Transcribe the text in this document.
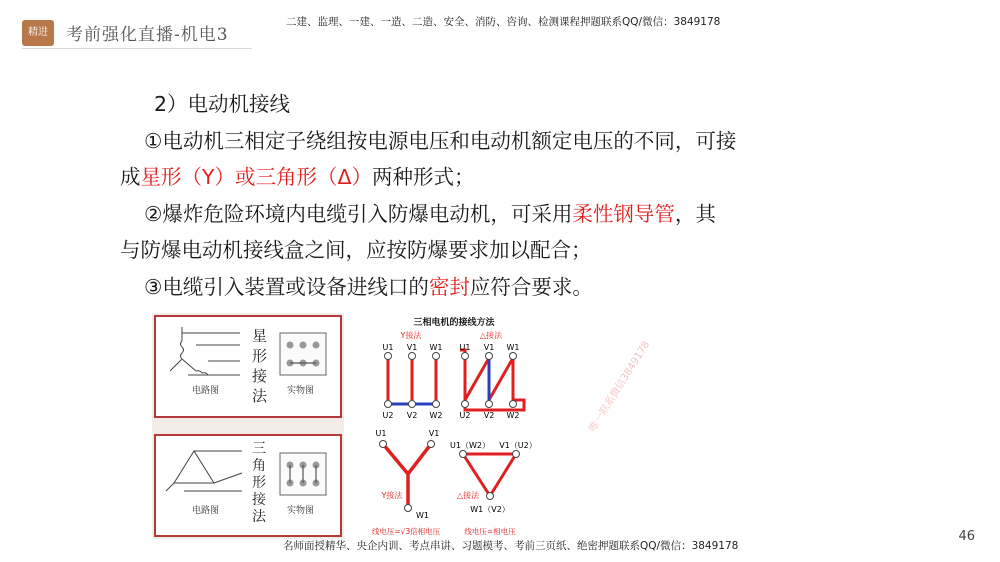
精进	考前强化直播-机电3
二建、监理、一建、一造、二造、安全、消防、咨询、检测课程押题联系QQ/微信：3849178

2）电动机接线

①电动机三相定子绕组按电源电压和电动机额定电压的不同，可接

成星形（Y）或三角形（Δ）两种形式；

②爆炸危险环境内电缆引入防爆电动机，可采用柔性钢导管，其

与防爆电动机接线盒之间，应按防爆要求加以配合；

③电缆引入装置或设备进线口的密封应符合要求。

电路图
星
形
接
法 实物图
电路图
三
角
形
接
法 实物图
三相电机的接线方法
Y接法	△接法
U1 V1 W1
U2 V2 W2
U1 V1 W1
U2 V2 W2
U1	V1
W1
Y接法
U1（W2） V1（U2）
W1（V2）
△接法
线电压=√3倍相电压	线电压=相电压
唯一联系微信3849178
名师面授精华、央企内训、考点串讲、习题模考、考前三页纸、绝密押题联系QQ/微信：3849178
46
